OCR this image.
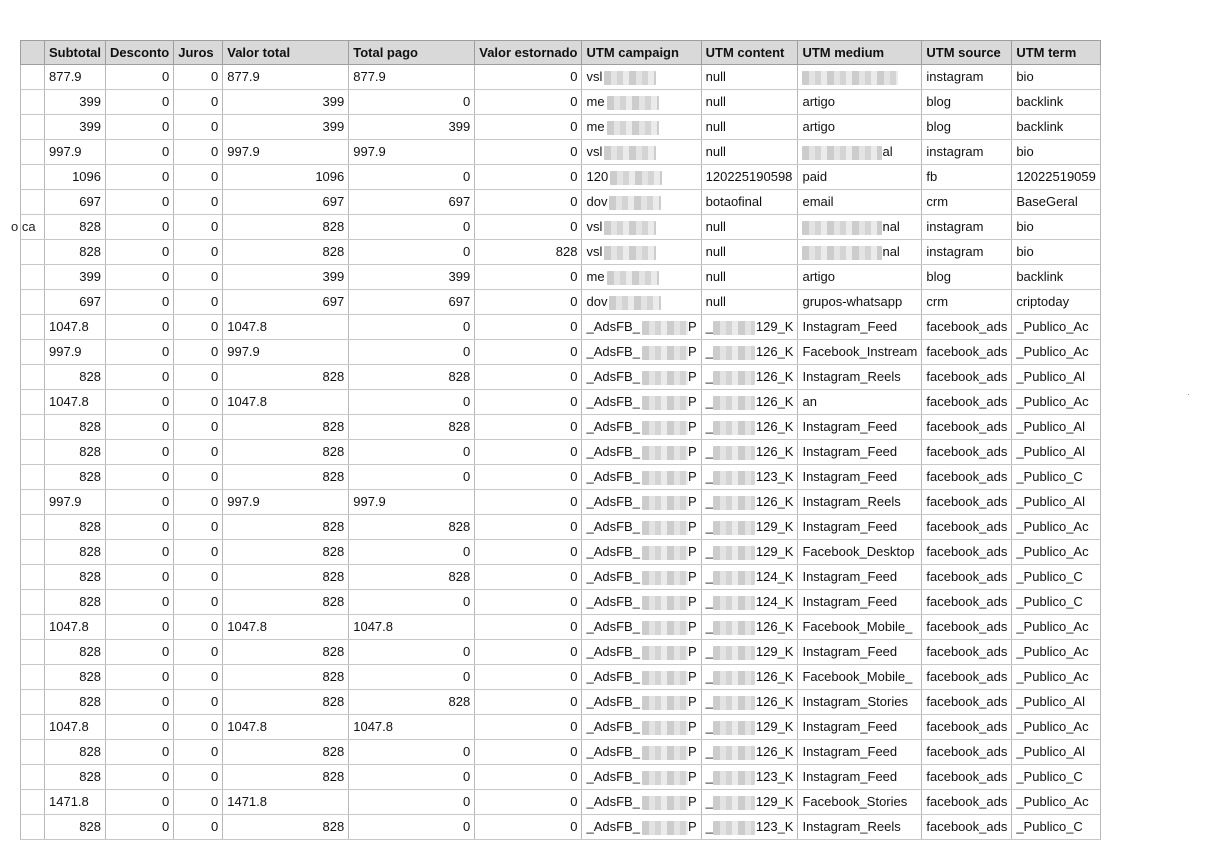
	Subtotal	Desconto	Juros	Valor total	Total pago	Valor estornado	UTM campaign	UTM content	UTM medium	UTM source	UTM term
	877.9	0	0	877.9	877.9	0	vsl	null		instagram	bio
	399	0	0	399	0	0	me	null	artigo	blog	backlink
	399	0	0	399	399	0	me	null	artigo	blog	backlink
	997.9	0	0	997.9	997.9	0	vsl	null	al	instagram	bio
	1096	0	0	1096	0	0	120	120225190598	paid	fb	12022519059
	697	0	0	697	697	0	dov	botaofinal	email	crm	BaseGeral
o ca	828	0	0	828	0	0	vsl	null	nal	instagram	bio
	828	0	0	828	0	828	vsl	null	nal	instagram	bio
	399	0	0	399	399	0	me	null	artigo	blog	backlink
	697	0	0	697	697	0	dov	null	grupos-whatsapp	crm	criptoday
	1047.8	0	0	1047.8	0	0	_AdsFB_ P	_ 129_K	Instagram_Feed	facebook_ads	_Publico_Ac
	997.9	0	0	997.9	0	0	_AdsFB_ P	_ 126_K	Facebook_Instream	facebook_ads	_Publico_Ac
	828	0	0	828	828	0	_AdsFB_ P	_ 126_K	Instagram_Reels	facebook_ads	_Publico_Al
	1047.8	0	0	1047.8	0	0	_AdsFB_ P	_ 126_K	an	facebook_ads	_Publico_Ac
	828	0	0	828	828	0	_AdsFB_ P	_ 126_K	Instagram_Feed	facebook_ads	_Publico_Al
	828	0	0	828	0	0	_AdsFB_ P	_ 126_K	Instagram_Feed	facebook_ads	_Publico_Al
	828	0	0	828	0	0	_AdsFB_ P	_ 123_K	Instagram_Feed	facebook_ads	_Publico_C
	997.9	0	0	997.9	997.9	0	_AdsFB_ P	_ 126_K	Instagram_Reels	facebook_ads	_Publico_Al
	828	0	0	828	828	0	_AdsFB_ P	_ 129_K	Instagram_Feed	facebook_ads	_Publico_Ac
	828	0	0	828	0	0	_AdsFB_ P	_ 129_K	Facebook_Desktop	facebook_ads	_Publico_Ac
	828	0	0	828	828	0	_AdsFB_ P	_ 124_K	Instagram_Feed	facebook_ads	_Publico_C
	828	0	0	828	0	0	_AdsFB_ P	_ 124_K	Instagram_Feed	facebook_ads	_Publico_C
	1047.8	0	0	1047.8	1047.8	0	_AdsFB_ P	_ 126_K	Facebook_Mobile_	facebook_ads	_Publico_Ac
	828	0	0	828	0	0	_AdsFB_ P	_ 129_K	Instagram_Feed	facebook_ads	_Publico_Ac
	828	0	0	828	0	0	_AdsFB_ P	_ 126_K	Facebook_Mobile_	facebook_ads	_Publico_Ac
	828	0	0	828	828	0	_AdsFB_ P	_ 126_K	Instagram_Stories	facebook_ads	_Publico_Al
	1047.8	0	0	1047.8	1047.8	0	_AdsFB_ P	_ 129_K	Instagram_Feed	facebook_ads	_Publico_Ac
	828	0	0	828	0	0	_AdsFB_ P	_ 126_K	Instagram_Feed	facebook_ads	_Publico_Al
	828	0	0	828	0	0	_AdsFB_ P	_ 123_K	Instagram_Feed	facebook_ads	_Publico_C
	1471.8	0	0	1471.8	0	0	_AdsFB_ P	_ 129_K	Facebook_Stories	facebook_ads	_Publico_Ac
	828	0	0	828	0	0	_AdsFB_ P	_ 123_K	Instagram_Reels	facebook_ads	_Publico_C
